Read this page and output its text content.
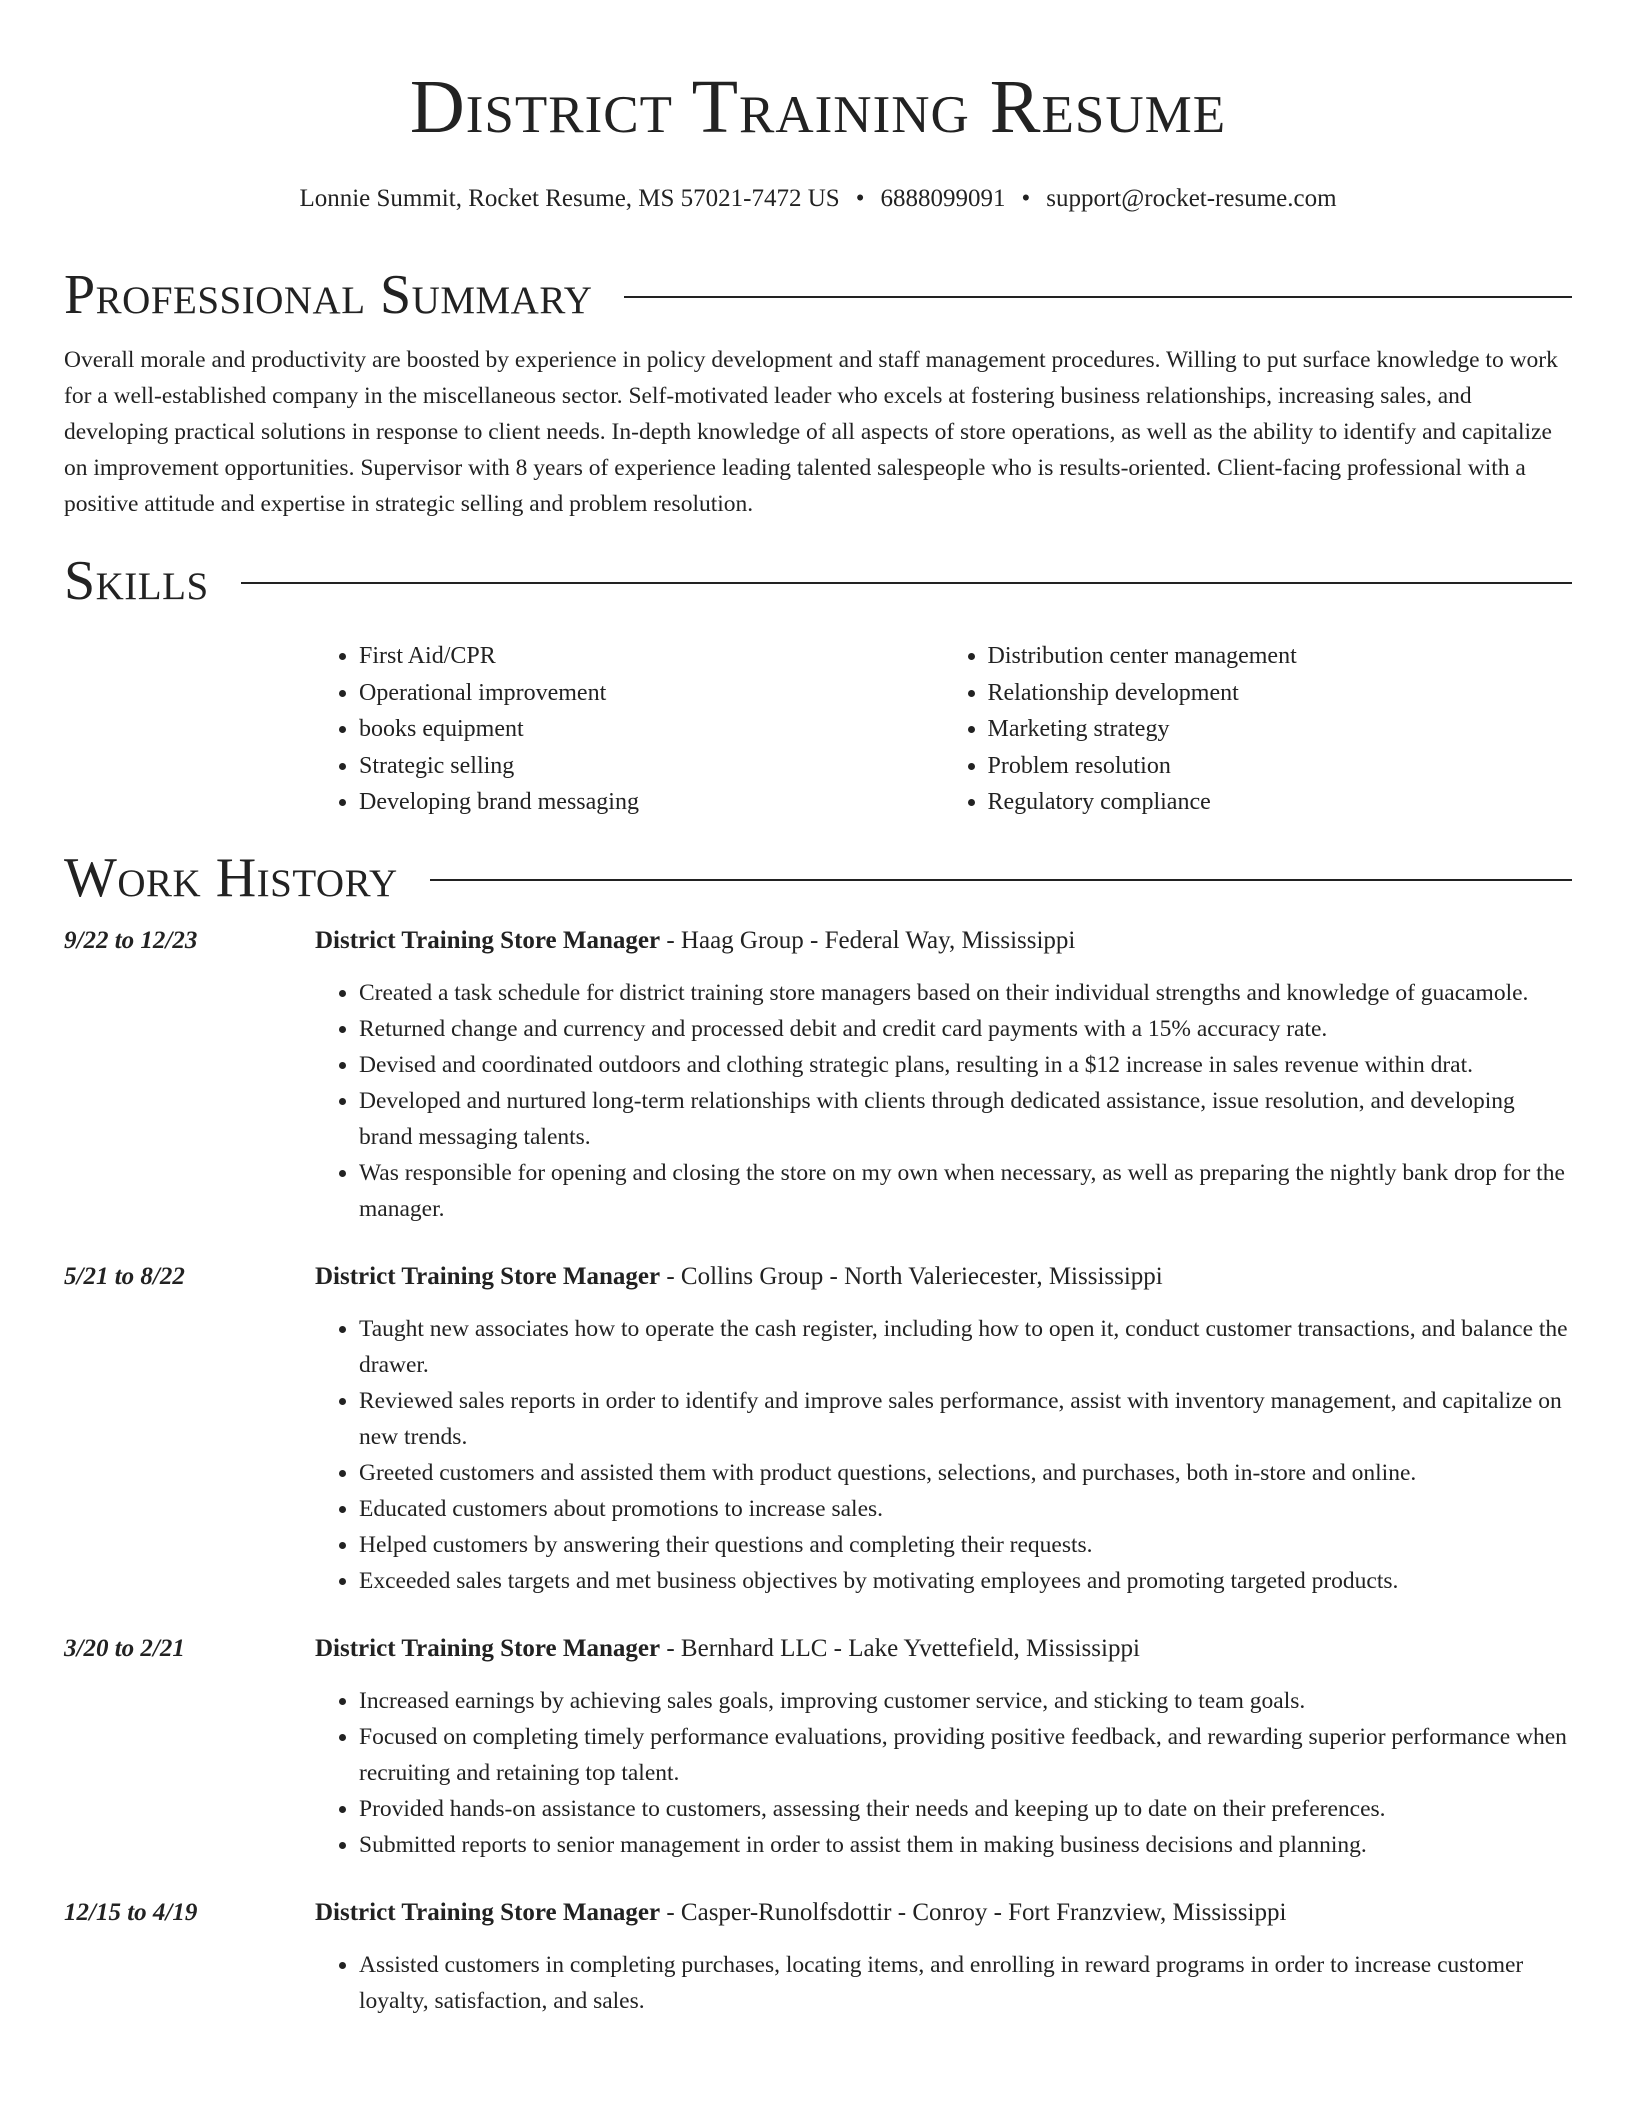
District Training Resume
Lonnie Summit, Rocket Resume, MS 57021-7472 US • 6888099091 • support@rocket-resume.com
Professional Summary

Overall morale and productivity are boosted by experience in policy development and staff management procedures. Willing to put surface knowledge to work for a well-established company in the miscellaneous sector. Self-motivated leader who excels at fostering business relationships, increasing sales, and developing practical solutions in response to client needs. In-depth knowledge of all aspects of store operations, as well as the ability to identify and capitalize on improvement opportunities. Supervisor with 8 years of experience leading talented salespeople who is results-oriented. Client-facing professional with a positive attitude and expertise in strategic selling and problem resolution.

Skills
• First Aid/CPR
• Operational improvement
• books equipment
• Strategic selling
• Developing brand messaging
• Distribution center management
• Relationship development
• Marketing strategy
• Problem resolution
• Regulatory compliance
Work History
9/22 to 12/23	District Training Store Manager - Haag Group - Federal Way, Mississippi
• Created a task schedule for district training store managers based on their individual strengths and knowledge of guacamole.
• Returned change and currency and processed debit and credit card payments with a 15% accuracy rate.
• Devised and coordinated outdoors and clothing strategic plans, resulting in a $12 increase in sales revenue within drat.
• Developed and nurtured long-term relationships with clients through dedicated assistance, issue resolution, and developing brand messaging talents.
• Was responsible for opening and closing the store on my own when necessary, as well as preparing the nightly bank drop for the manager.
5/21 to 8/22	District Training Store Manager - Collins Group - North Valeriecester, Mississippi
• Taught new associates how to operate the cash register, including how to open it, conduct customer transactions, and balance the drawer.
• Reviewed sales reports in order to identify and improve sales performance, assist with inventory management, and capitalize on new trends.
• Greeted customers and assisted them with product questions, selections, and purchases, both in-store and online.
• Educated customers about promotions to increase sales.
• Helped customers by answering their questions and completing their requests.
• Exceeded sales targets and met business objectives by motivating employees and promoting targeted products.
3/20 to 2/21	District Training Store Manager - Bernhard LLC - Lake Yvettefield, Mississippi
• Increased earnings by achieving sales goals, improving customer service, and sticking to team goals.
• Focused on completing timely performance evaluations, providing positive feedback, and rewarding superior performance when recruiting and retaining top talent.
• Provided hands-on assistance to customers, assessing their needs and keeping up to date on their preferences.
• Submitted reports to senior management in order to assist them in making business decisions and planning.
12/15 to 4/19	District Training Store Manager - Casper-Runolfsdottir - Conroy - Fort Franzview, Mississippi
• Assisted customers in completing purchases, locating items, and enrolling in reward programs in order to increase customer loyalty, satisfaction, and sales.
